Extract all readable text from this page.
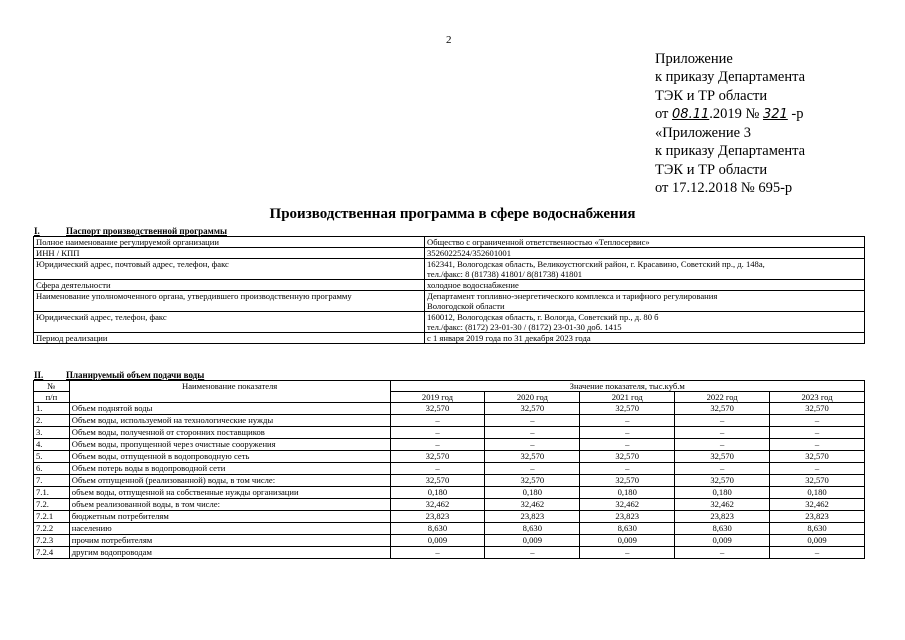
2
Приложение
к приказу Департамента
ТЭК и ТР области
от 08.11.2019 № 321 -р
«Приложение 3
к приказу Департамента
ТЭК и ТР области
от 17.12.2018 № 695-р
Производственная программа в сфере водоснабжения
I.	Паспорт производственной программы
Полное наименование регулируемой организации	Общество с ограниченной ответственностью «Теплосервис»

ИНН / КПП	3526022524/352601001

Юридический адрес, почтовый адрес, телефон, факс	162341, Вологодская область, Великоустюгский район, г. Красавино, Советский пр., д. 148а,
тел./факс: 8 (81738) 41801/ 8(81738) 41801

Сфера деятельности	холодное водоснабжение

Наименование уполномоченного органа, утвердившего производственную программу	Департамент топливно-энергетического комплекса и тарифного регулирования
Вологодской области

Юридический адрес, телефон, факс	160012, Вологодская область, г. Вологда, Советский пр., д. 80 б
тел./факс: (8172) 23-01-30 / (8172) 23-01-30 доб. 1415

Период реализации	с 1 января 2019 года по 31 декабря 2023 года
II.	Планируемый объем подачи воды
№	Наименование показателя	Значение показателя, тыс.куб.м				
п/п		2019 год	2020 год	2021 год	2022 год	2023 год
1.	Объем поднятой воды	32,570	32,570	32,570	32,570	32,570
2.	Объем воды, используемой на технологические нужды	–	–	–	–	–
3.	Объем воды, полученной от сторонних поставщиков	–	–	–	–	–
4.	Объем воды, пропущенной через очистные сооружения	–	–	–	–	–
5.	Объем воды, отпущенной в водопроводную сеть	32,570	32,570	32,570	32,570	32,570
6.	Объем потерь воды в водопроводной сети	–	–	–	–	–
7.	Объем отпущенной (реализованной) воды, в том числе:	32,570	32,570	32,570	32,570	32,570
7.1.	объем воды, отпущенной на собственные нужды организации	0,180	0,180	0,180	0,180	0,180
7.2.	объем реализованной воды, в том числе:	32,462	32,462	32,462	32,462	32,462
7.2.1	бюджетным потребителям	23,823	23,823	23,823	23,823	23,823
7.2.2	населению	8,630	8,630	8,630	8,630	8,630
7.2.3	прочим потребителям	0,009	0,009	0,009	0,009	0,009
7.2.4	другим водопроводам	–	–	–	–	–
